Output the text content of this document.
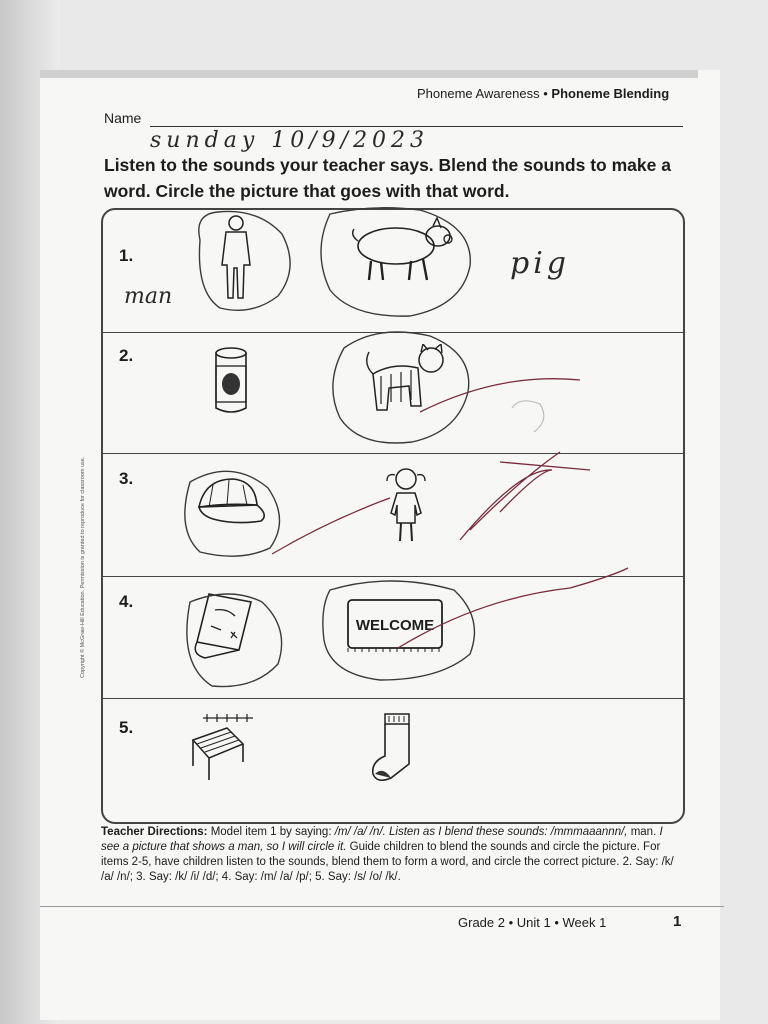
Phoneme Awareness • Phoneme Blending
Name
sunday 10/9/2023
Listen to the sounds your teacher says. Blend the sounds to make a word. Circle the picture that goes with that word.
Copyright © McGraw-Hill Education. Permission is granted to reproduce for classroom use.
1.
2.
3.
4.
WELCOME
5.
man
pig
Teacher Directions: Model item 1 by saying: /m/ /a/ /n/. Listen as I blend these sounds: /mmmaaannn/, man. I see a picture that shows a man, so I will circle it. Guide children to blend the sounds and circle the picture. For items 2-5, have children listen to the sounds, blend them to form a word, and circle the correct picture. 2. Say: /k/ /a/ /n/; 3. Say: /k/ /i/ /d/; 4. Say: /m/ /a/ /p/; 5. Say: /s/ /o/ /k/.
Grade 2 • Unit 1 • Week 1	1
